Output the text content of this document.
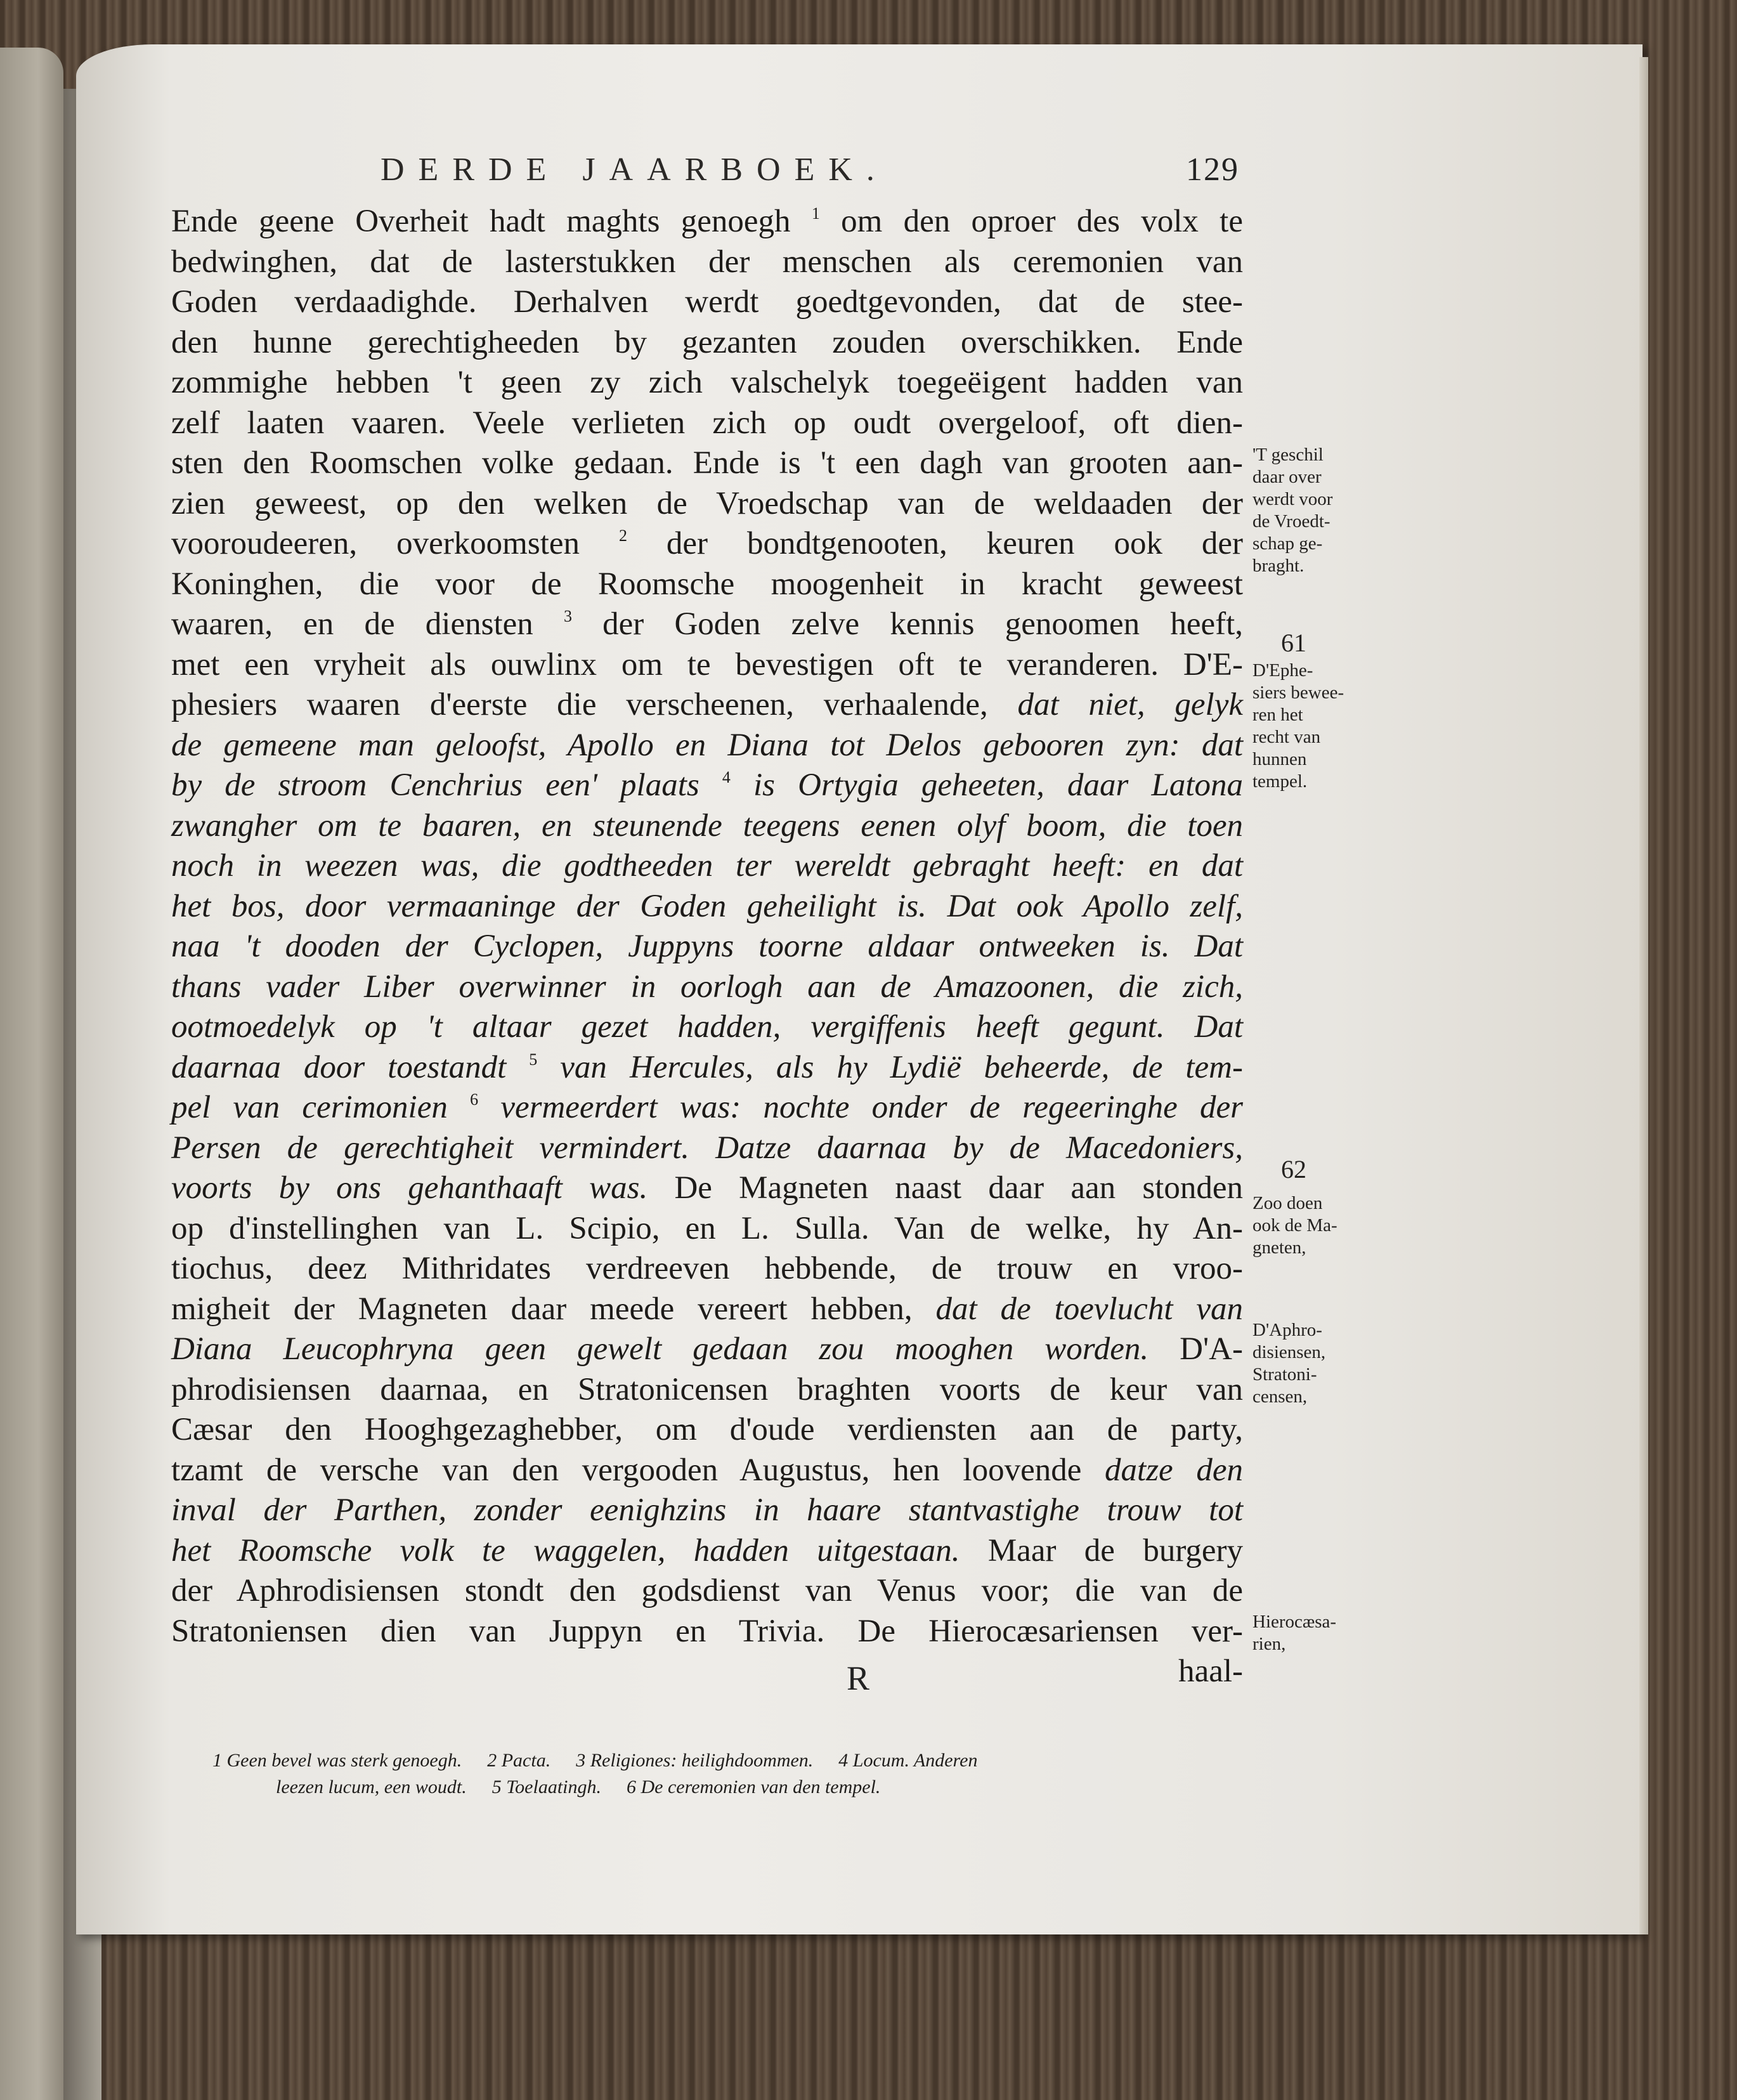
DERDE JAARBOEK.	129
Ende geene Overheit hadt maghts genoegh $^1$ om den oproer des volx te
bedwinghen, dat de lasterstukken der menschen als ceremonien van
Goden verdaadighde. Derhalven werdt goedtgevonden, dat de stee-
den hunne gerechtigheeden by gezanten zouden overschikken. Ende
zommighe hebben 't geen zy zich valschelyk toegeëigent hadden van
zelf laaten vaaren. Veele verlieten zich op oudt overgeloof, oft dien-
sten den Roomschen volke gedaan. Ende is 't een dagh van grooten aan-
zien geweest, op den welken de Vroedschap van de weldaaden der
vooroudeeren, overkoomsten $^2$ der bondtgenooten, keuren ook der
Koninghen, die voor de Roomsche moogenheit in kracht geweest
waaren, en de diensten $^3$ der Goden zelve kennis genoomen heeft,
met een vryheit als ouwlinx om te bevestigen oft te veranderen. D'E-
phesiers waaren d'eerste die verscheenen, verhaalende, dat niet, gelyk
de gemeene man geloofst, Apollo en Diana tot Delos gebooren zyn: dat
by de stroom Cenchrius een' plaats $^4$ is Ortygia geheeten, daar Latona
zwangher om te baaren, en steunende teegens eenen olyf boom, die toen
noch in weezen was, die godtheeden ter wereldt gebraght heeft: en dat
het bos, door vermaaninge der Goden geheilight is. Dat ook Apollo zelf,
naa 't dooden der Cyclopen, Juppyns toorne aldaar ontweeken is. Dat
thans vader Liber overwinner in oorlogh aan de Amazoonen, die zich,
ootmoedelyk op 't altaar gezet hadden, vergiffenis heeft gegunt. Dat
daarnaa door toestandt $^5$ van Hercules, als hy Lydië beheerde, de tem-
pel van cerimonien $^6$ vermeerdert was: nochte onder de regeeringhe der
Persen de gerechtigheit vermindert. Datze daarnaa by de Macedoniers,
voorts by ons gehanthaaft was. De Magneten naast daar aan stonden
op d'instellinghen van L. Scipio, en L. Sulla. Van de welke, hy An-
tiochus, deez Mithridates verdreeven hebbende, de trouw en vroo-
migheit der Magneten daar meede vereert hebben, dat de toevlucht van
Diana Leucophryna geen gewelt gedaan zou mooghen worden. D'A-
phrodisiensen daarnaa, en Stratonicensen braghten voorts de keur van
Cæsar den Hooghgezaghebber, om d'oude verdiensten aan de party,
tzamt de versche van den vergooden Augustus, hen loovende datze den
inval der Parthen, zonder eenighzins in haare stantvastighe trouw tot
het Roomsche volk te waggelen, hadden uitgestaan. Maar de burgery
der Aphrodisiensen stondt den godsdienst van Venus voor; die van de
Stratoniensen dien van Juppyn en Trivia. De Hierocæsariensen ver-
haal-
'T geschil
daar over
werdt voor
de Vroedt-
schap ge-
braght.
61
D'Ephe-
siers bewee-
ren het
recht van
hunnen
tempel.
62
Zoo doen
ook de Ma-
gneten,
D'Aphro-
disiensen,
Stratoni-
censen,
Hierocæsa-
rien,
R
1 Geen bevel was sterk genoegh. 2 Pacta. 3 Religiones: heilighdoommen. 4 Locum. Anderen
leezen lucum, een woudt. 5 Toelaatingh. 6 De ceremonien van den tempel.
